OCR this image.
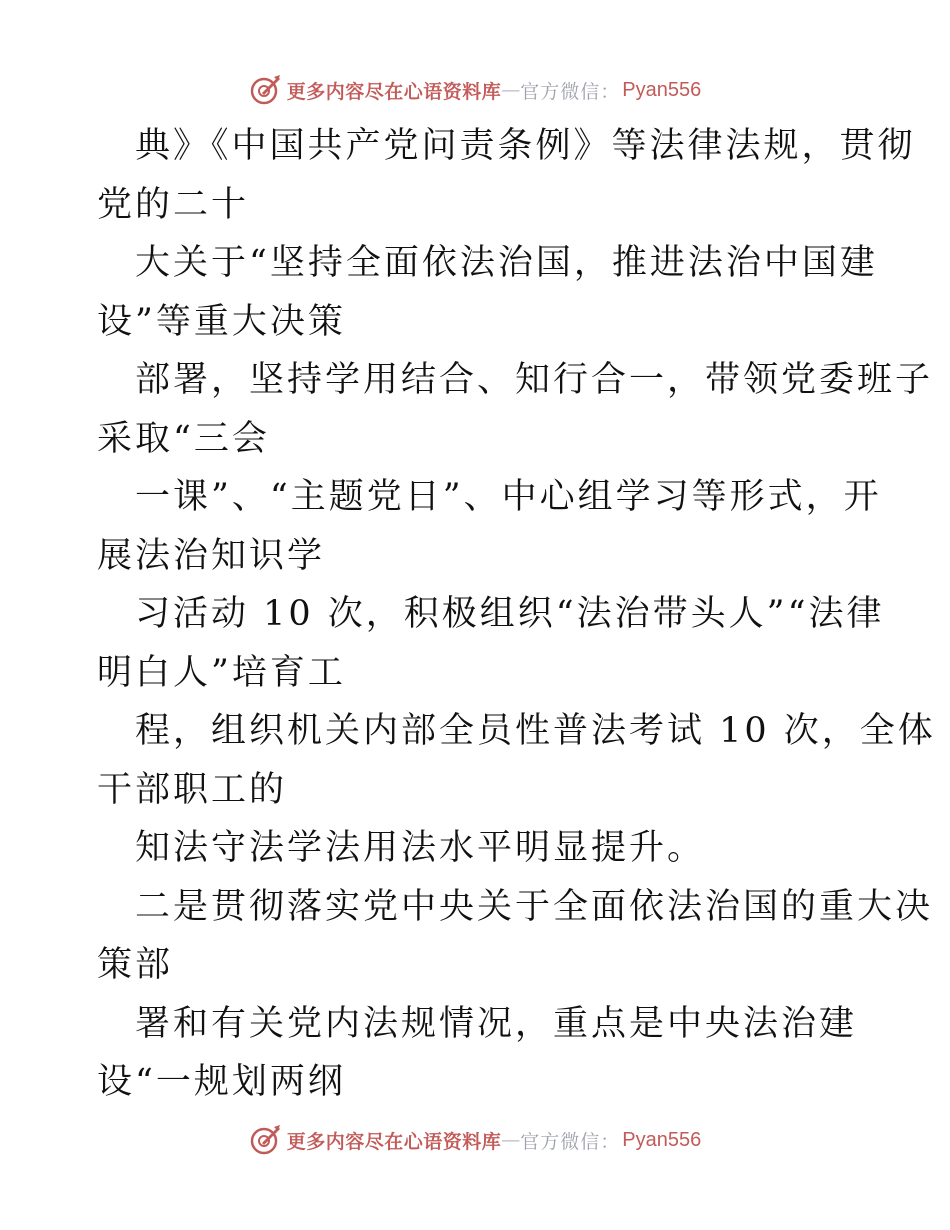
更多内容尽在心语资料库 — 官方微信： Pyan556
典》《中国共产党问责条例》等法律法规，贯彻
党的二十
大关于“坚持全面依法治国，推进法治中国建
设”等重大决策
部署，坚持学用结合、知行合一，带领党委班子
采取“三会
一课”、“主题党日”、中心组学习等形式，开
展法治知识学
习活动 10 次，积极组织“法治带头人”“法律
明白人”培育工
程，组织机关内部全员性普法考试 10 次，全体
干部职工的
知法守法学法用法水平明显提升。
二是贯彻落实党中央关于全面依法治国的重大决
策部
署和有关党内法规情况，重点是中央法治建
设“一规划两纲
更多内容尽在心语资料库 — 官方微信： Pyan556
